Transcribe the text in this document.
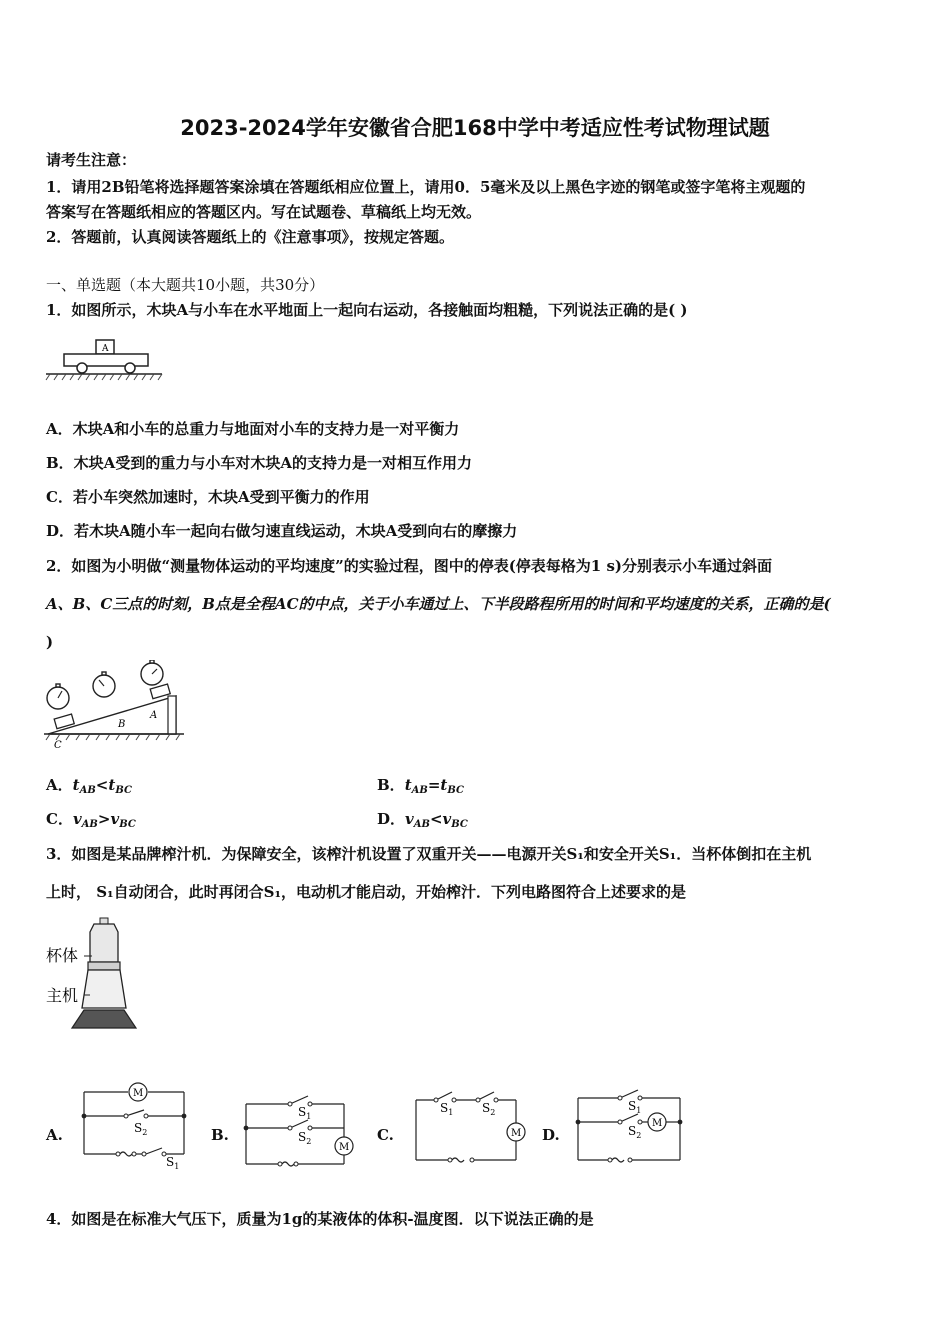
2023-2024学年安徽省合肥168中学中考适应性考试物理试题
请考生注意：
1．请用2B铅笔将选择题答案涂填在答题纸相应位置上，请用0．5毫米及以上黑色字迹的钢笔或签字笔将主观题的
答案写在答题纸相应的答题区内。写在试题卷、草稿纸上均无效。
2．答题前，认真阅读答题纸上的《注意事项》，按规定答题。
一、单选题（本大题共10小题，共30分）
1．如图所示，木块A与小车在水平地面上一起向右运动，各接触面均粗糙，下列说法正确的是( )
A
A．木块A和小车的总重力与地面对小车的支持力是一对平衡力
B．木块A受到的重力与小车对木块A的支持力是一对相互作用力
C．若小车突然加速时，木块A受到平衡力的作用
D．若木块A随小车一起向右做匀速直线运动，木块A受到向右的摩擦力
2．如图为小明做“测量物体运动的平均速度”的实验过程，图中的停表(停表每格为1 s)分别表示小车通过斜面
A、B、C三点的时刻，B点是全程AC的中点，关于小车通过上、下半段路程所用的时间和平均速度的关系，正确的是(
)
A
B
C
A．$t_{AB}<t_{BC}$	B．$t_{AB}=t_{BC}$
C．$v_{AB}>v_{BC}$	D．$v_{AB}<v_{BC}$
3．如图是某品牌榨汁机．为保障安全，该榨汁机设置了双重开关——电源开关S₁和安全开关S₁．当杯体倒扣在主机
上时， S₁自动闭合，此时再闭合S₁，电动机才能启动，开始榨汁．下列电路图符合上述要求的是
杯体
主机
A.
M
$S_2$
$S_1$
B.
M
$S_1$
$S_2$	C.	M
$S_1$ $S_2$
D.
M
$S_1$
$S_2$
4．如图是在标准大气压下，质量为1g的某液体的体积-温度图．以下说法正确的是
